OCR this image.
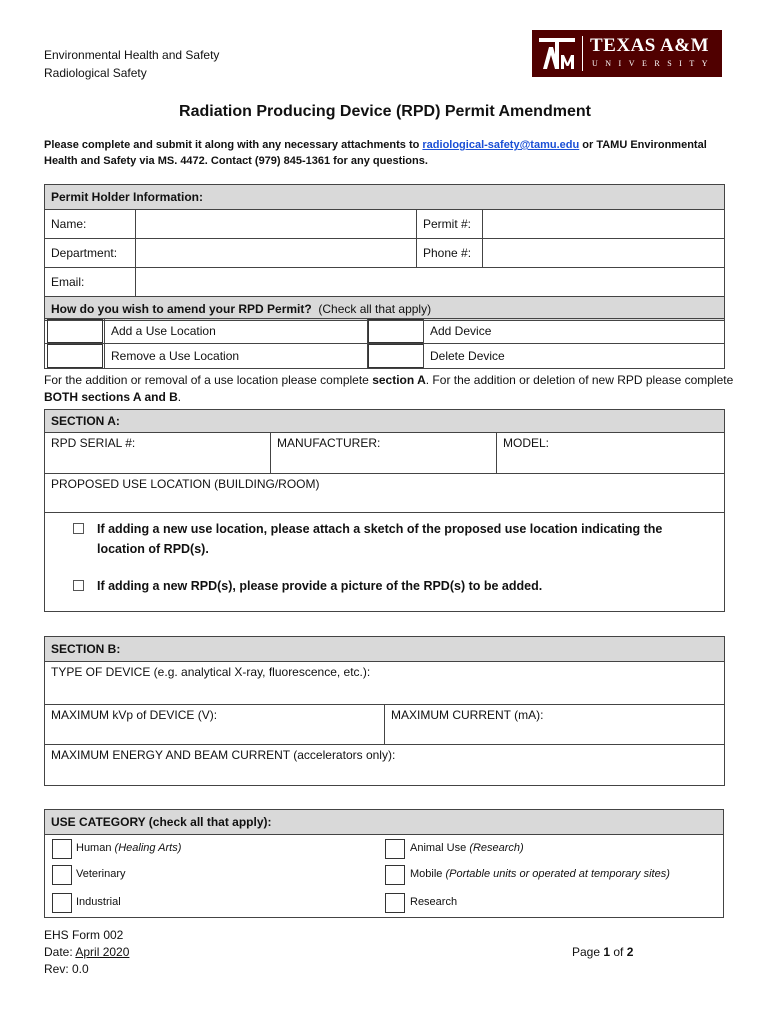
Environmental Health and Safety
Radiological Safety
TEXAS A&M
UNIVERSITY
Radiation Producing Device (RPD) Permit Amendment
Please complete and submit it along with any necessary attachments to radiological-safety@tamu.edu or TAMU Environmental Health and Safety via MS. 4472. Contact (979) 845-1361 for any questions.
Permit Holder Information:			
Name:		Permit #:	
Department:		Phone #:	
Email:			
How do you wish to amend your RPD Permit? (Check all that apply)			
	Add a Use Location		Add Device

	Remove a Use Location		Delete Device
For the addition or removal of a use location please complete section A. For the addition or deletion of new RPD please complete BOTH sections A and B.
SECTION A:
RPD SERIAL #:	MANUFACTURER:	MODEL:
PROPOSED USE LOCATION (BUILDING/ROOM)

If adding a new use location, please attach a sketch of the proposed use location indicating the location of RPD(s).
If adding a new RPD(s), please provide a picture of the RPD(s) to be added.
SECTION B:
TYPE OF DEVICE (e.g. analytical X-ray, fluorescence, etc.):
MAXIMUM kVp of DEVICE (V):	MAXIMUM CURRENT (mA):
MAXIMUM ENERGY AND BEAM CURRENT (accelerators only):
USE CATEGORY (check all that apply):

Human (Healing Arts)	Animal Use (Research)
Veterinary	Mobile (Portable units or operated at temporary sites)
Industrial	Research
EHS Form 002
Date: April 2020
Rev: 0.0
Page 1 of 2
